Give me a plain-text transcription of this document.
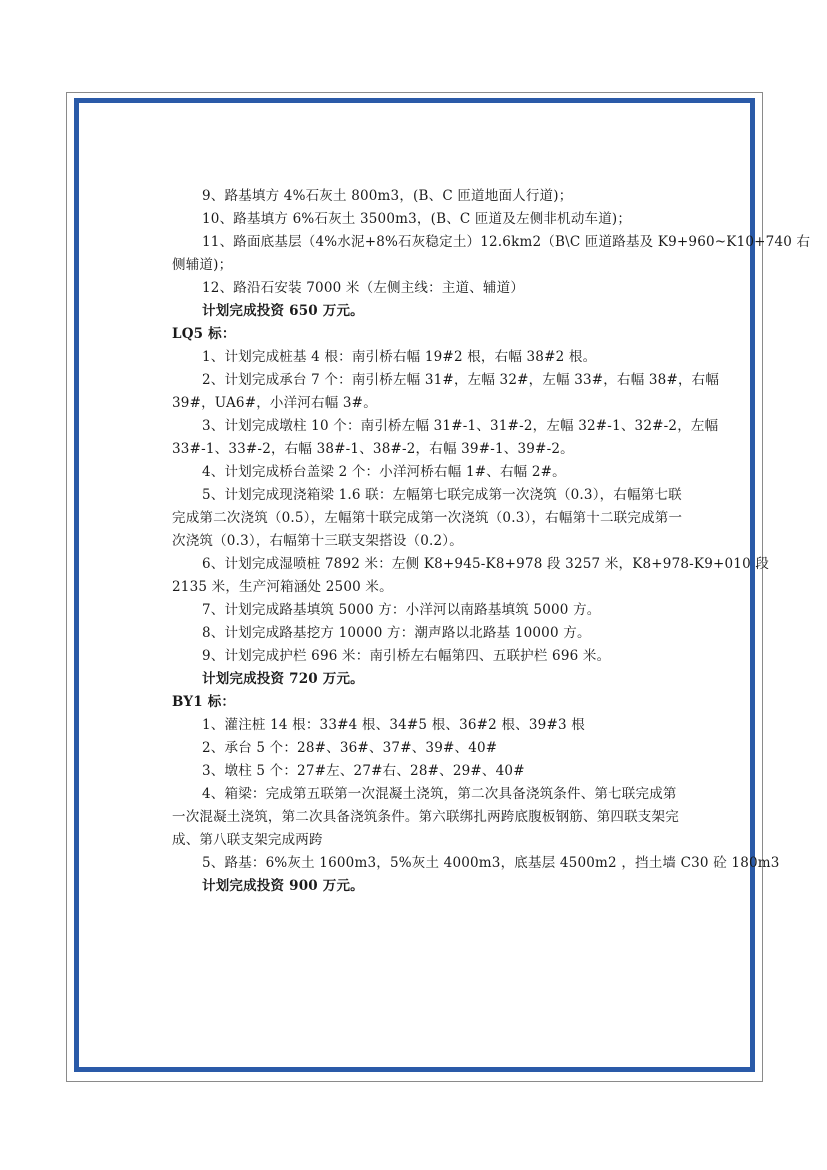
9、路基填方 4%石灰土 800m3，(B、C 匝道地面人行道)；
10、路基填方 6%石灰土 3500m3，(B、C 匝道及左侧非机动车道)；
11、路面底基层（4%水泥+8%石灰稳定土）12.6km2（B\C 匝道路基及 K9+960~K10+740 右
侧辅道)；
12、路沿石安装 7000 米（左侧主线：主道、辅道）
计划完成投资 650 万元。
LQ5 标：
1、计划完成桩基 4 根：南引桥右幅 19#2 根，右幅 38#2 根。
2、计划完成承台 7 个：南引桥左幅 31#，左幅 32#，左幅 33#，右幅 38#，右幅
39#，UA6#，小洋河右幅 3#。
3、计划完成墩柱 10 个：南引桥左幅 31#-1、31#-2，左幅 32#-1、32#-2，左幅
33#-1、33#-2，右幅 38#-1、38#-2，右幅 39#-1、39#-2。
4、计划完成桥台盖梁 2 个：小洋河桥右幅 1#、右幅 2#。
5、计划完成现浇箱梁 1.6 联：左幅第七联完成第一次浇筑（0.3），右幅第七联
完成第二次浇筑（0.5），左幅第十联完成第一次浇筑（0.3），右幅第十二联完成第一
次浇筑（0.3），右幅第十三联支架搭设（0.2）。
6、计划完成湿喷桩 7892 米：左侧 K8+945-K8+978 段 3257 米，K8+978-K9+010 段
2135 米，生产河箱涵处 2500 米。
7、计划完成路基填筑 5000 方：小洋河以南路基填筑 5000 方。
8、计划完成路基挖方 10000 方：潮声路以北路基 10000 方。
9、计划完成护栏 696 米：南引桥左右幅第四、五联护栏 696 米。
计划完成投资 720 万元。
BY1 标：
1、灌注桩 14 根：33#4 根、34#5 根、36#2 根、39#3 根
2、承台 5 个：28#、36#、37#、39#、40#
3、墩柱 5 个：27#左、27#右、28#、29#、40#
4、箱梁：完成第五联第一次混凝土浇筑，第二次具备浇筑条件、第七联完成第
一次混凝土浇筑，第二次具备浇筑条件。第六联绑扎两跨底腹板钢筋、第四联支架完
成、第八联支架完成两跨
5、路基：6%灰土 1600m3，5%灰土 4000m3，底基层 4500m2 ，挡土墙 C30 砼 180m3
计划完成投资 900 万元。
